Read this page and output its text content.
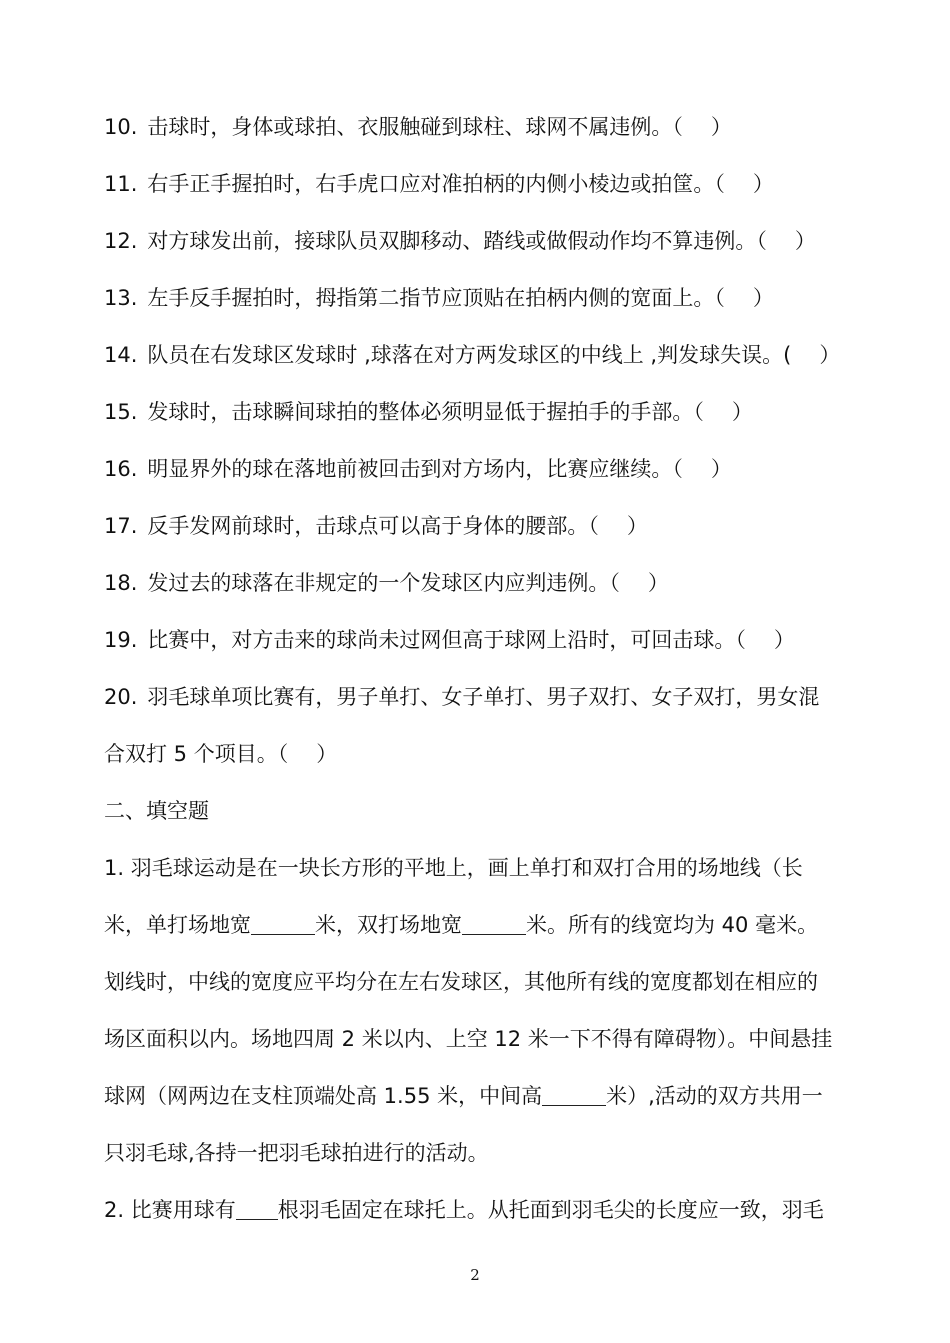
10. 击球时，身体或球拍、衣服触碰到球柱、球网不属违例。（ ）
11. 右手正手握拍时，右手虎口应对准拍柄的内侧小棱边或拍筐。（ ）
12. 对方球发出前，接球队员双脚移动、踏线或做假动作均不算违例。（ ）
13. 左手反手握拍时，拇指第二指节应顶贴在拍柄内侧的宽面上。（ ）
14. 队员在右发球区发球时 ,球落在对方两发球区的中线上 ,判发球失误。( ）
15. 发球时，击球瞬间球拍的整体必须明显低于握拍手的手部。（ ）
16. 明显界外的球在落地前被回击到对方场内，比赛应继续。（ ）
17. 反手发网前球时，击球点可以高于身体的腰部。（ ）
18. 发过去的球落在非规定的一个发球区内应判违例。（ ）
19. 比赛中，对方击来的球尚未过网但高于球网上沿时，可回击球。（ ）
20. 羽毛球单项比赛有，男子单打、女子单打、男子双打、女子双打，男女混
合双打 5 个项目。（ ）
二、填空题
1. 羽毛球运动是在一块长方形的平地上，画上单打和双打合用的场地线（长
米，单打场地宽	米，双打场地宽	米。所有的线宽均为 40 毫米。
划线时，中线的宽度应平均分在左右发球区，其他所有线的宽度都划在相应的
场区面积以内。场地四周 2 米以内、上空 12 米一下不得有障碍物）。中间悬挂
球网（网两边在支柱顶端处高 1.55 米，中间高	米）,活动的双方共用一
只羽毛球,各持一把羽毛球拍进行的活动。
2. 比赛用球有 根羽毛固定在球托上。从托面到羽毛尖的长度应一致，羽毛
2
